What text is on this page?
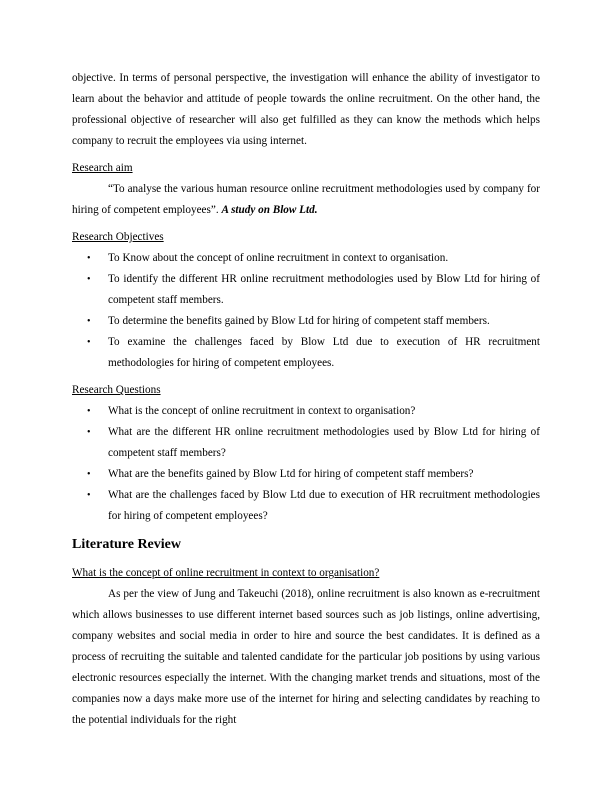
objective. In terms of personal perspective, the investigation will enhance the ability of investigator to learn about the behavior and attitude of people towards the online recruitment. On the other hand, the professional objective of researcher will also get fulfilled as they can know the methods which helps company to recruit the employees via using internet.

Research aim

“To analyse the various human resource online recruitment methodologies used by company for hiring of competent employees”. A study on Blow Ltd.

Research Objectives

• To Know about the concept of online recruitment in context to organisation.
• To identify the different HR online recruitment methodologies used by Blow Ltd for hiring of competent staff members.
• To determine the benefits gained by Blow Ltd for hiring of competent staff members.
• To examine the challenges faced by Blow Ltd due to execution of HR recruitment methodologies for hiring of competent employees.

Research Questions

• What is the concept of online recruitment in context to organisation?
• What are the different HR online recruitment methodologies used by Blow Ltd for hiring of competent staff members?
• What are the benefits gained by Blow Ltd for hiring of competent staff members?
• What are the challenges faced by Blow Ltd due to execution of HR recruitment methodologies for hiring of competent employees?

Literature Review

What is the concept of online recruitment in context to organisation?

As per the view of Jung and Takeuchi (2018), online recruitment is also known as e-recruitment which allows businesses to use different internet based sources such as job listings, online advertising, company websites and social media in order to hire and source the best candidates. It is defined as a process of recruiting the suitable and talented candidate for the particular job positions by using various electronic resources especially the internet. With the changing market trends and situations, most of the companies now a days make more use of the internet for hiring and selecting candidates by reaching to the potential individuals for the right
